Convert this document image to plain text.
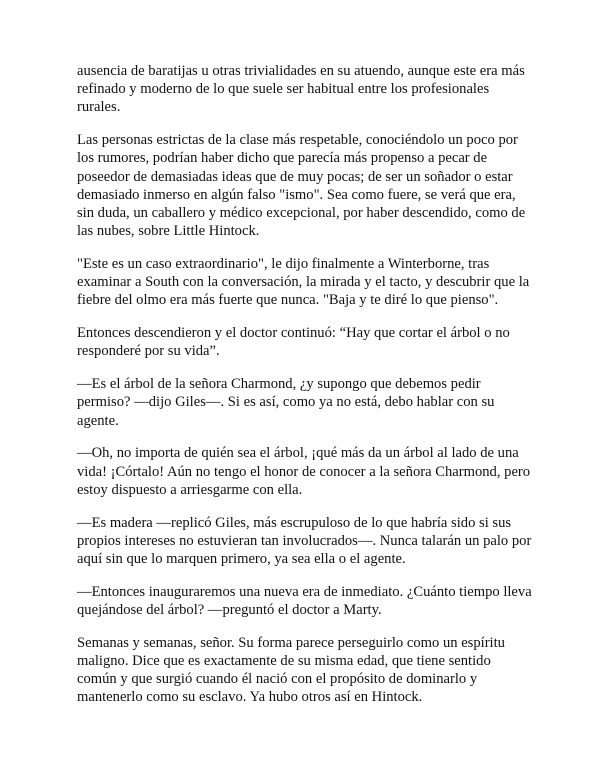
ausencia de baratijas u otras trivialidades en su atuendo, aunque este era más refinado y moderno de lo que suele ser habitual entre los profesionales rurales.

Las personas estrictas de la clase más respetable, conociéndolo un poco por los rumores, podrían haber dicho que parecía más propenso a pecar de poseedor de demasiadas ideas que de muy pocas; de ser un soñador o estar demasiado inmerso en algún falso "ismo". Sea como fuere, se verá que era, sin duda, un caballero y médico excepcional, por haber descendido, como de las nubes, sobre Little Hintock.

"Este es un caso extraordinario", le dijo finalmente a Winterborne, tras examinar a South con la conversación, la mirada y el tacto, y descubrir que la fiebre del olmo era más fuerte que nunca. "Baja y te diré lo que pienso".

Entonces descendieron y el doctor continuó: “Hay que cortar el árbol o no responderé por su vida”.

—Es el árbol de la señora Charmond, ¿y supongo que debemos pedir permiso? —dijo Giles—. Si es así, como ya no está, debo hablar con su agente.

—Oh, no importa de quién sea el árbol, ¡qué más da un árbol al lado de una vida! ¡Córtalo! Aún no tengo el honor de conocer a la señora Charmond, pero estoy dispuesto a arriesgarme con ella.

—Es madera —replicó Giles, más escrupuloso de lo que habría sido si sus propios intereses no estuvieran tan involucrados—. Nunca talarán un palo por aquí sin que lo marquen primero, ya sea ella o el agente.

—Entonces inauguraremos una nueva era de inmediato. ¿Cuánto tiempo lleva quejándose del árbol? —preguntó el doctor a Marty.

Semanas y semanas, señor. Su forma parece perseguirlo como un espíritu maligno. Dice que es exactamente de su misma edad, que tiene sentido común y que surgió cuando él nació con el propósito de dominarlo y mantenerlo como su esclavo. Ya hubo otros así en Hintock.
